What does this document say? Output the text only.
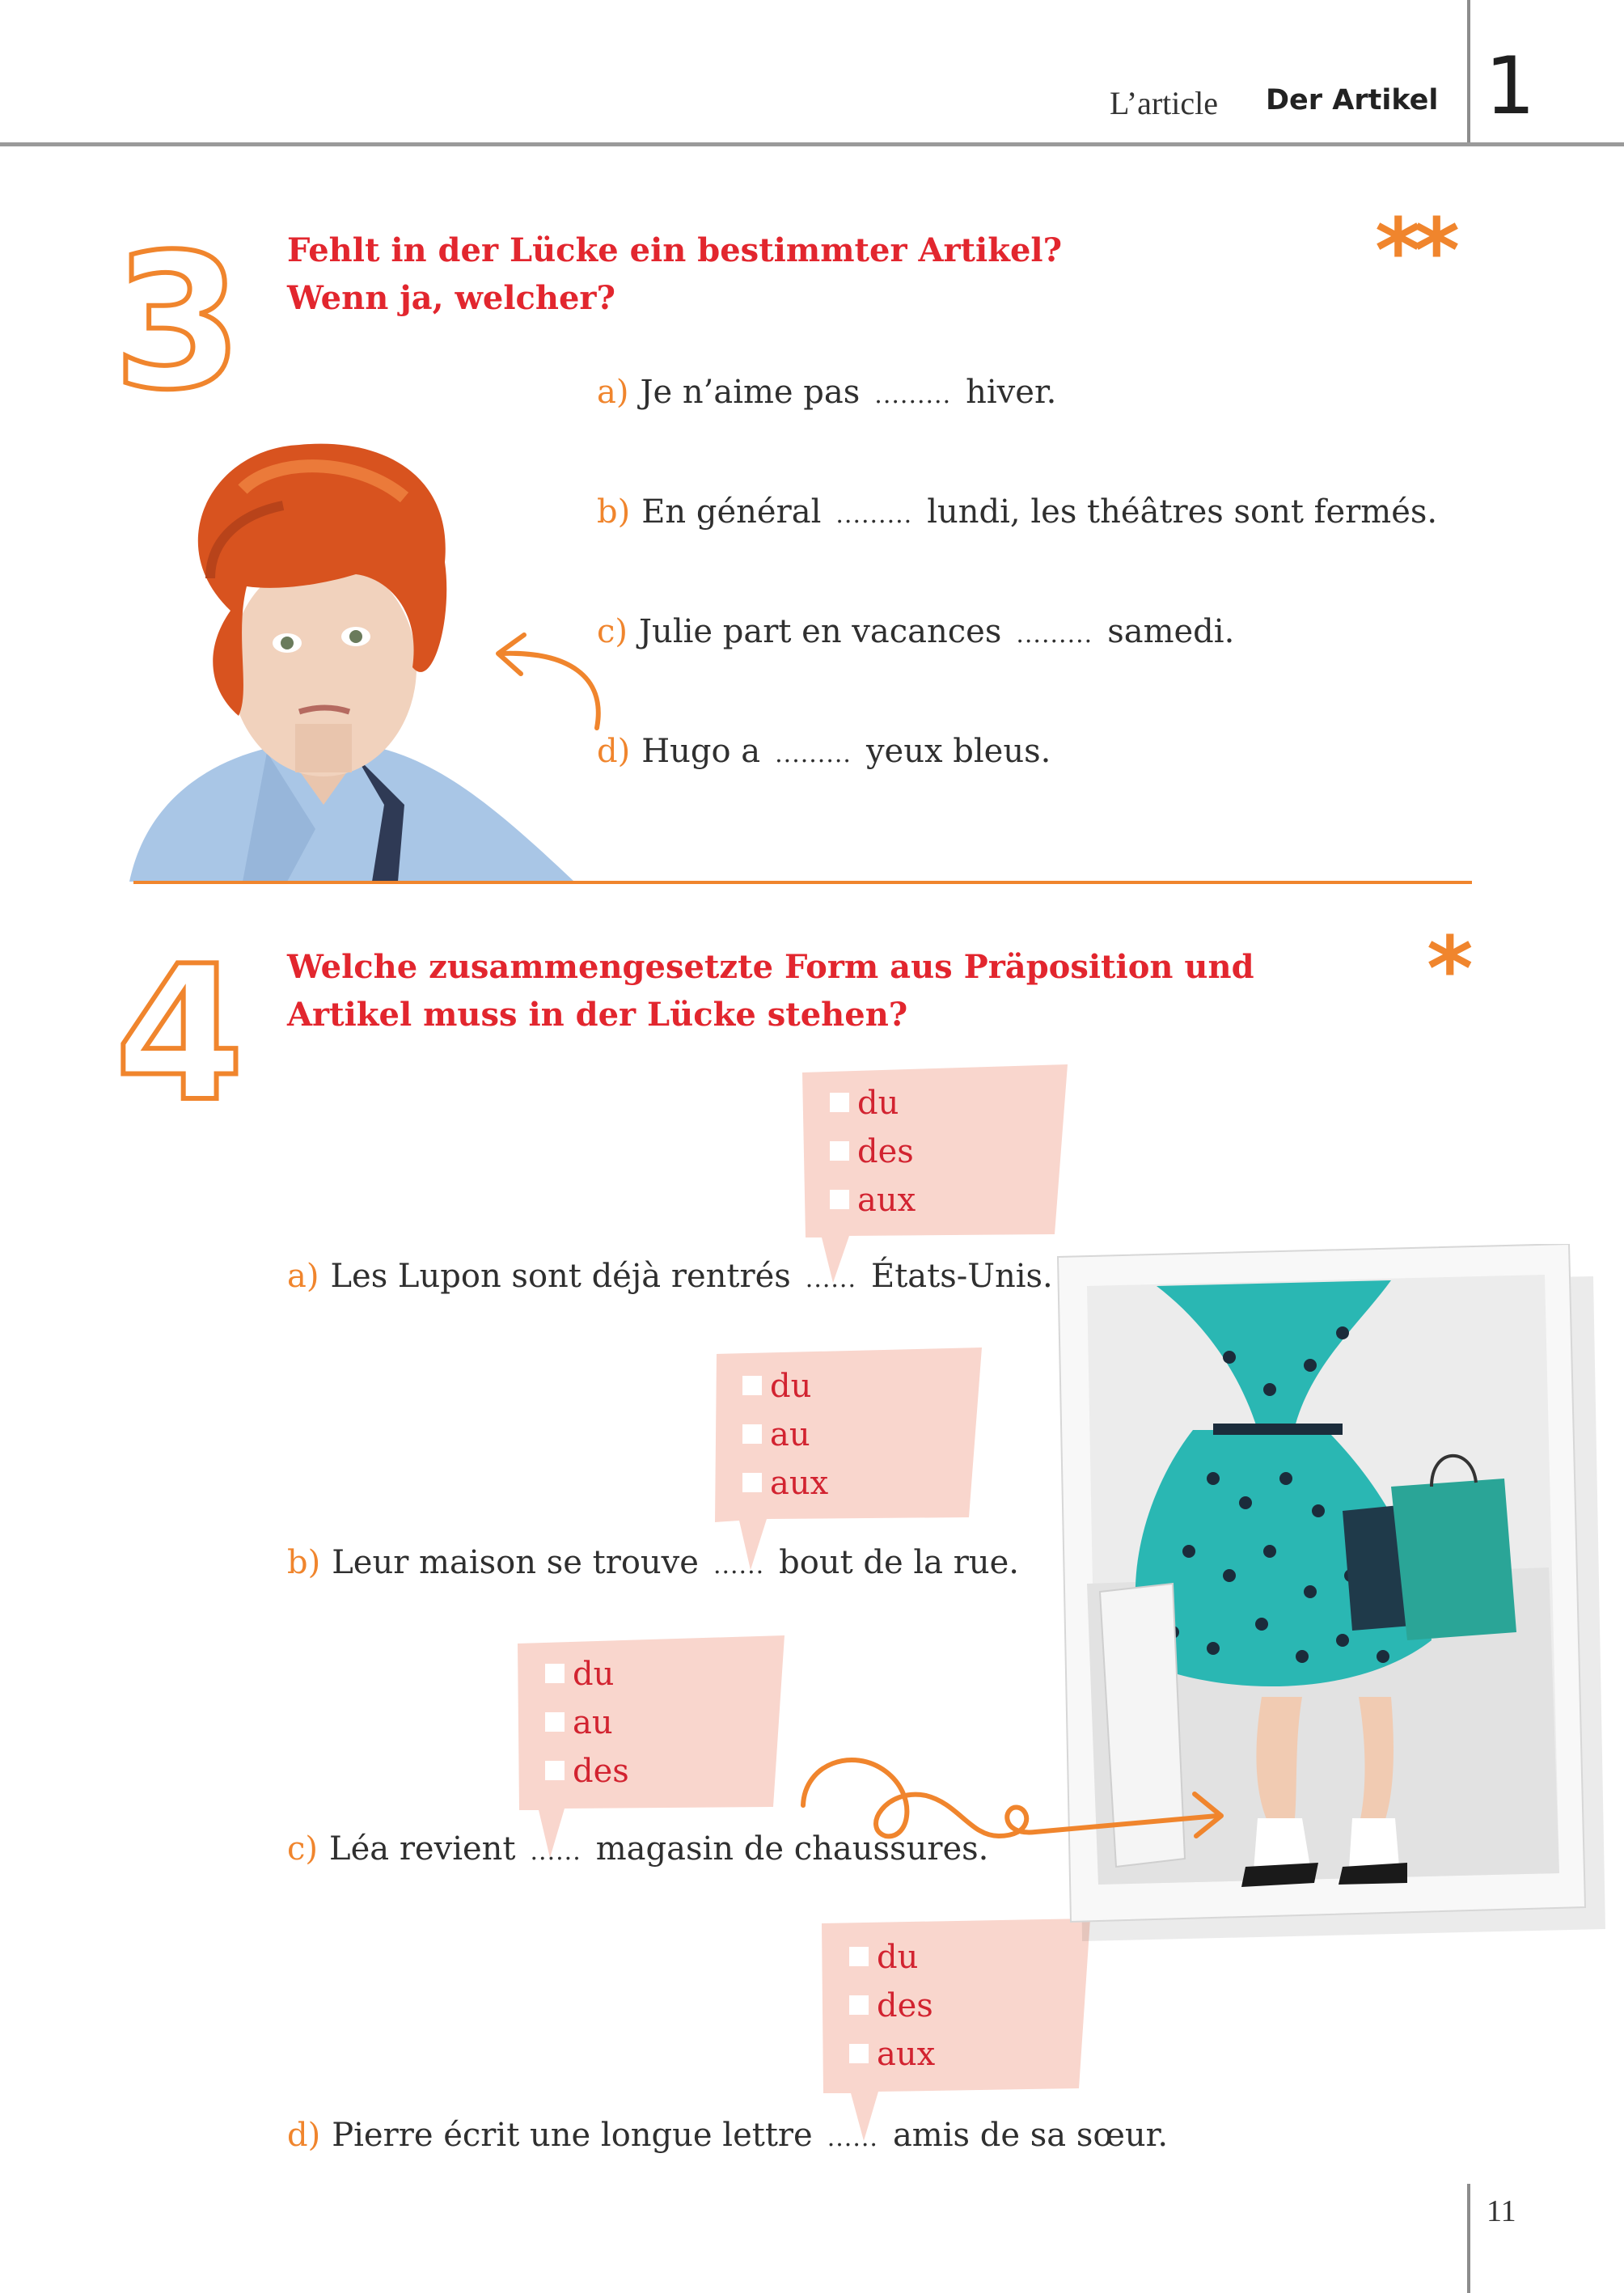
L’article Der Artikel 1
3 Fehlt in der Lücke ein bestimmter Artikel?
Wenn ja, welcher?	**
a) Je n’aime pas ......... hiver.
b) En général ......... lundi, les théâtres sont fermés.
c) Julie part en vacances ......... samedi.
d) Hugo a ......... yeux bleus.
4 Welche zusammengesetzte Form aus Präposition und
Artikel muss in der Lücke stehen?	*
du
des
aux
a) Les Lupon sont déjà rentrés ...... États-Unis.
du
au
aux
b) Leur maison se trouve ...... bout de la rue.
du
au
des
c) Léa revient ...... magasin de chaussures.
du
des
aux
d) Pierre écrit une longue lettre ...... amis de sa sœur.
11
